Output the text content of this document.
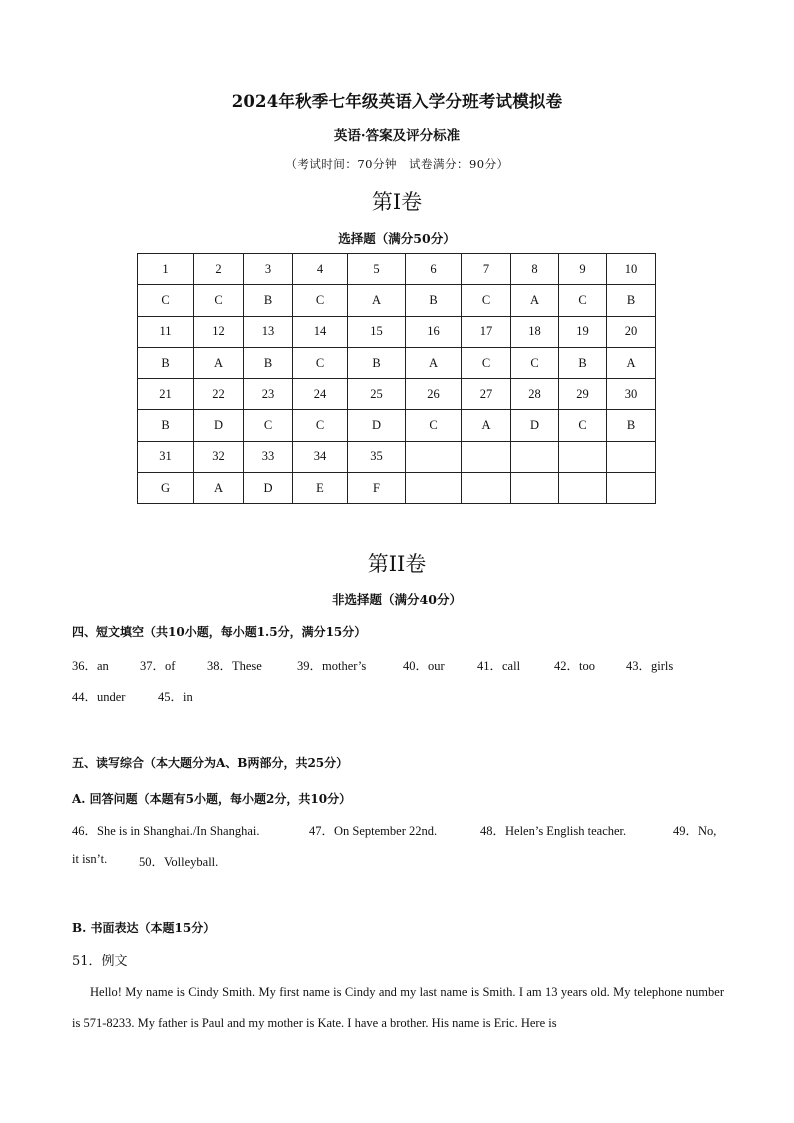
2024年秋季七年级英语入学分班考试模拟卷
英语·答案及评分标准
（考试时间：70分钟　试卷满分：90分）
第I卷
选择题（满分50分）
1	2	3	4	5	6	7	8	9	10
C	C	B	C	A	B	C	A	C	B
11	12	13	14	15	16	17	18	19	20
B	A	B	C	B	A	C	C	B	A
21	22	23	24	25	26	27	28	29	30
B	D	C	C	D	C	A	D	C	B
31	32	33	34	35					
G	A	D	E	F					
第II卷
非选择题（满分40分）
四、短文填空（共10小题，每小题1.5分，满分15分）
36．an 37．of	38．These	39．mother’s	40．our	41．call	42．too 43．girls
44．under	45．in
五、读写综合（本大题分为A、B两部分，共25分）
A. 回答问题（本题有5小题，每小题2分，共10分）
46．She is in Shanghai./In Shanghai.	47．On September 22nd.	48．Helen’s English teacher.	49．No,
it isn’t.	50．Volleyball.
B. 书面表达（本题15分）
51．例文
Hello! My name is Cindy Smith. My first name is Cindy and my last name is Smith. I am 13 years old. My telephone number is 571-8233. My father is Paul and my mother is Kate. I have a brother. His name is Eric. Here is
